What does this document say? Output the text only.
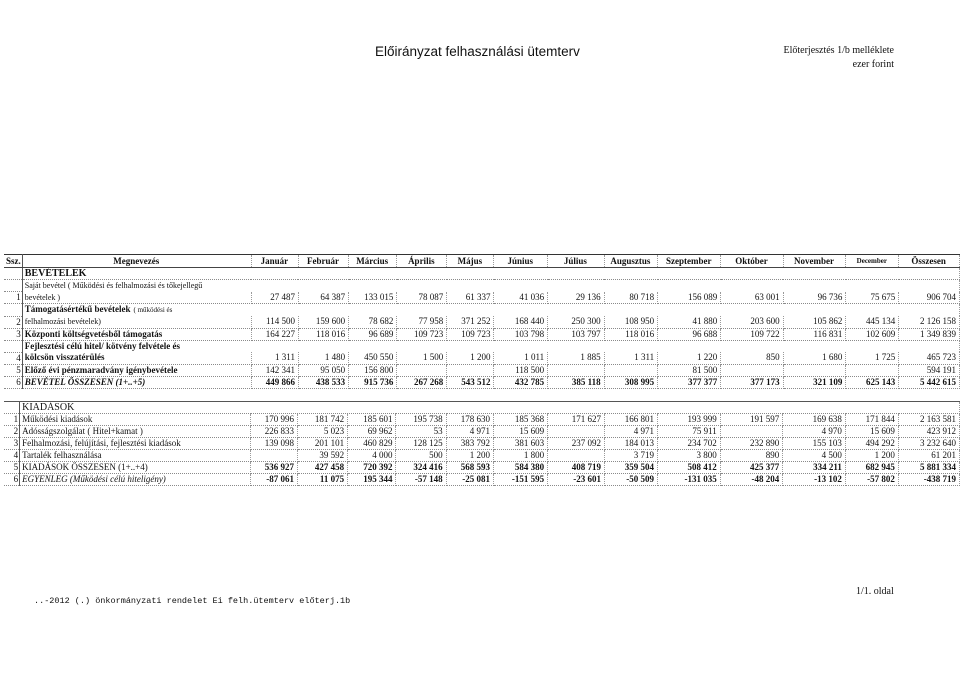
Előirányzat felhasználási ütemterv	Előterjesztés 1/b melléklete
ezer forint
Ssz.	Megnevezés	Január	Február	Március	Április	Május	Június	Július	Augusztus	Szeptember	Október	November	December	Összesen
	BEVÉTELEK													
	Saját bevétel ( Működési és felhalmozási és tőkejellegű													
1	bevételek )	27 487	64 387	133 015	78 087	61 337	41 036	29 136	80 718	156 089	63 001	96 736	75 675	906 704
	Támogatásértékű bevételek ( működési és													
2	felhalmozási bevételek)	114 500	159 600	78 682	77 958	371 252	168 440	250 300	108 950	41 880	203 600	105 862	445 134	2 126 158
3	Központi költségvetésből támogatás	164 227	118 016	96 689	109 723	109 723	103 798	103 797	118 016	96 688	109 722	116 831	102 609	1 349 839
	Fejlesztési célú hitel/ kötvény felvétele és													
4	kölcsön visszatérülés	1 311	1 480	450 550	1 500	1 200	1 011	1 885	1 311	1 220	850	1 680	1 725	465 723
5	Előző évi pénzmaradvány igénybevétele	142 341	95 050	156 800			118 500			81 500				594 191
6	BEVÉTEL ÖSSZESEN (1+..+5)	449 866	438 533	915 736	267 268	543 512	432 785	385 118	308 995	377 377	377 173	321 109	625 143	5 442 615
	KIADÁSOK													
1	Működési kiadások	170 996	181 742	185 601	195 738	178 630	185 368	171 627	166 801	193 999	191 597	169 638	171 844	2 163 581
2	Adósságszolgálat ( Hitel+kamat )	226 833	5 023	69 962	53	4 971	15 609		4 971	75 911		4 970	15 609	423 912
3	Felhalmozási, felújítási, fejlesztési kiadások	139 098	201 101	460 829	128 125	383 792	381 603	237 092	184 013	234 702	232 890	155 103	494 292	3 232 640
4	Tartalék felhasználása		39 592	4 000	500	1 200	1 800		3 719	3 800	890	4 500	1 200	61 201
5	KIADÁSOK ÖSSZESEN (1+..+4)	536 927	427 458	720 392	324 416	568 593	584 380	408 719	359 504	508 412	425 377	334 211	682 945	5 881 334
6	EGYENLEG (Működési célú hiteligény)	-87 061	11 075	195 344	-57 148	-25 081	-151 595	-23 601	-50 509	-131 035	-48 204	-13 102	-57 802	-438 719
..-2012 (.) önkormányzati rendelet Ei felh.ütemterv előterj.1b
1/1. oldal
